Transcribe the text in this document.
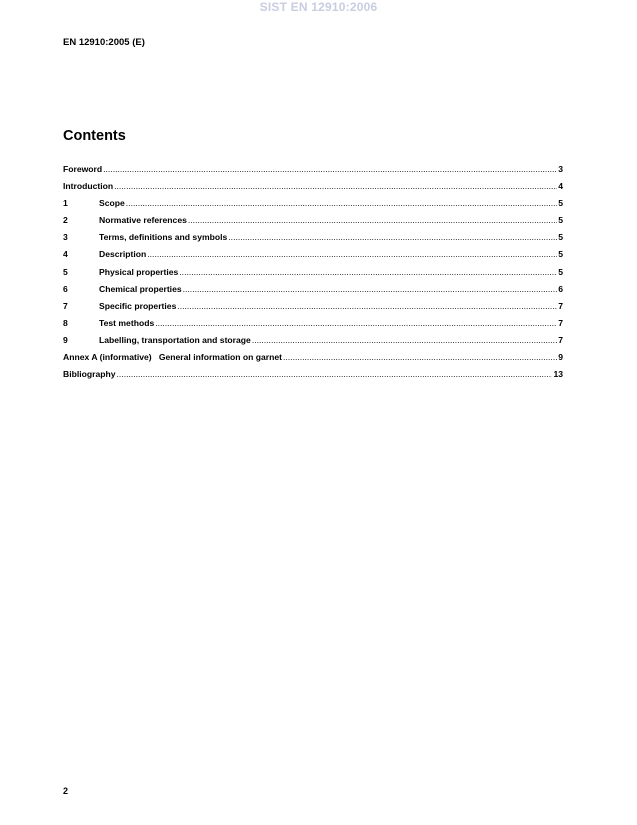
SIST EN 12910:2006
EN 12910:2005 (E)
Contents
Foreword .....	3
Introduction .....	4
1	Scope .....	5
2	Normative references .....	5
3	Terms, definitions and symbols .....	5
4	Description .....	5
5	Physical properties .....	5
6	Chemical properties .....	6
7	Specific properties .....	7
8	Test methods .....	7
9	Labelling, transportation and storage .....	7
Annex A (informative)   General information on garnet .....	9
Bibliography .....	13
2
